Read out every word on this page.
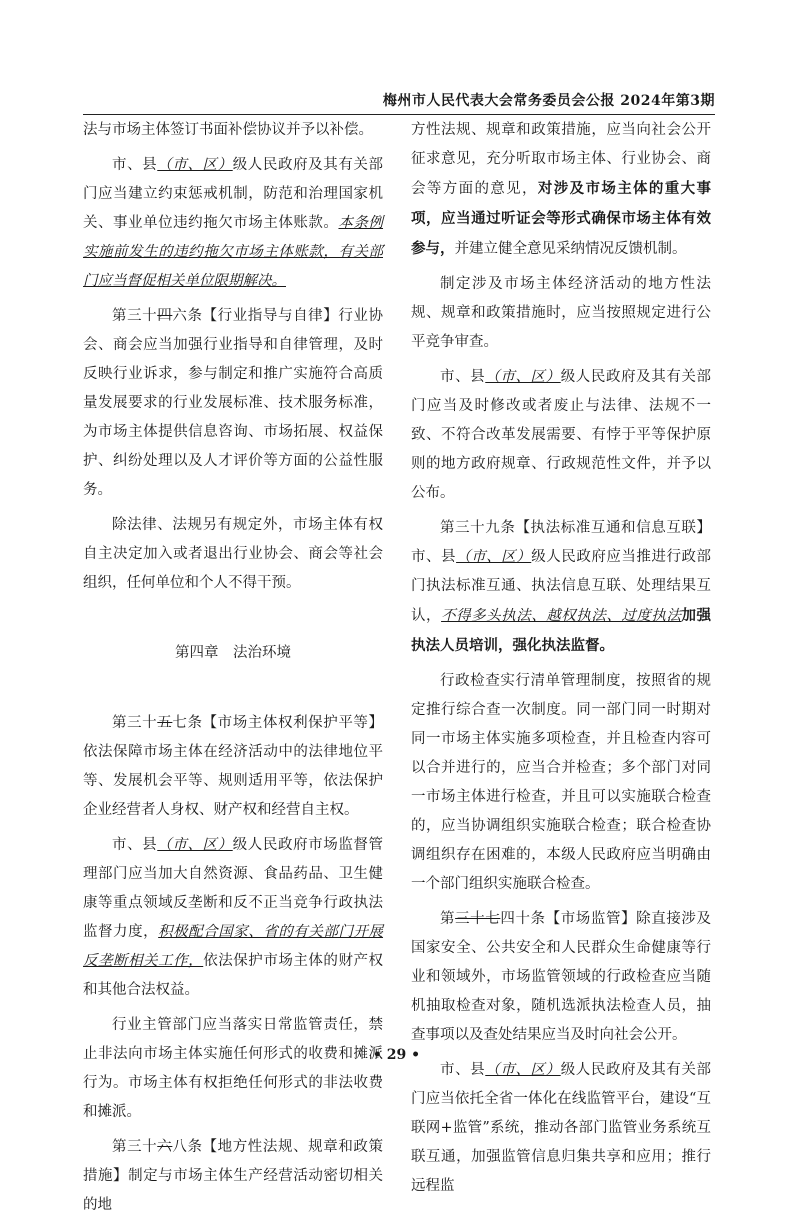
梅州市人民代表大会常务委员会公报 2024年第3期

法与市场主体签订书面补偿协议并予以补偿。

市、县（市、区）级人民政府及其有关部门应当建立约束惩戒机制，防范和治理国家机关、事业单位违约拖欠市场主体账款。本条例实施前发生的违约拖欠市场主体账款，有关部门应当督促相关单位限期解决。

第三十四六条【行业指导与自律】行业协会、商会应当加强行业指导和自律管理，及时反映行业诉求，参与制定和推广实施符合高质量发展要求的行业发展标准、技术服务标准，为市场主体提供信息咨询、市场拓展、权益保护、纠纷处理以及人才评价等方面的公益性服务。

除法律、法规另有规定外，市场主体有权自主决定加入或者退出行业协会、商会等社会组织，任何单位和个人不得干预。

第四章　法治环境

第三十五七条【市场主体权利保护平等】依法保障市场主体在经济活动中的法律地位平等、发展机会平等、规则适用平等，依法保护企业经营者人身权、财产权和经营自主权。

市、县（市、区）级人民政府市场监督管理部门应当加大自然资源、食品药品、卫生健康等重点领域反垄断和反不正当竞争行政执法监督力度，积极配合国家、省的有关部门开展反垄断相关工作，依法保护市场主体的财产权和其他合法权益。

行业主管部门应当落实日常监管责任，禁止非法向市场主体实施任何形式的收费和摊派行为。市场主体有权拒绝任何形式的非法收费和摊派。

第三十六八条【地方性法规、规章和政策措施】制定与市场主体生产经营活动密切相关的地

方性法规、规章和政策措施，应当向社会公开征求意见，充分听取市场主体、行业协会、商会等方面的意见，对涉及市场主体的重大事项，应当通过听证会等形式确保市场主体有效参与，并建立健全意见采纳情况反馈机制。

制定涉及市场主体经济活动的地方性法规、规章和政策措施时，应当按照规定进行公平竞争审查。

市、县（市、区）级人民政府及其有关部门应当及时修改或者废止与法律、法规不一致、不符合改革发展需要、有悖于平等保护原则的地方政府规章、行政规范性文件，并予以公布。

第三十九条【执法标准互通和信息互联】市、县（市、区）级人民政府应当推进行政部门执法标准互通、执法信息互联、处理结果互认，不得多头执法、越权执法、过度执法加强执法人员培训，强化执法监督。

行政检查实行清单管理制度，按照省的规定推行综合查一次制度。同一部门同一时期对同一市场主体实施多项检查，并且检查内容可以合并进行的，应当合并检查；多个部门对同一市场主体进行检查，并且可以实施联合检查的，应当协调组织实施联合检查；联合检查协调组织存在困难的，本级人民政府应当明确由一个部门组织实施联合检查。

第三十七四十条【市场监管】除直接涉及国家安全、公共安全和人民群众生命健康等行业和领域外，市场监管领域的行政检查应当随机抽取检查对象，随机选派执法检查人员，抽查事项以及查处结果应当及时向社会公开。

市、县（市、区）级人民政府及其有关部门应当依托全省一体化在线监管平台，建设“互联网+监管”系统，推动各部门监管业务系统互联互通，加强监管信息归集共享和应用；推行远程监

• 29 •
